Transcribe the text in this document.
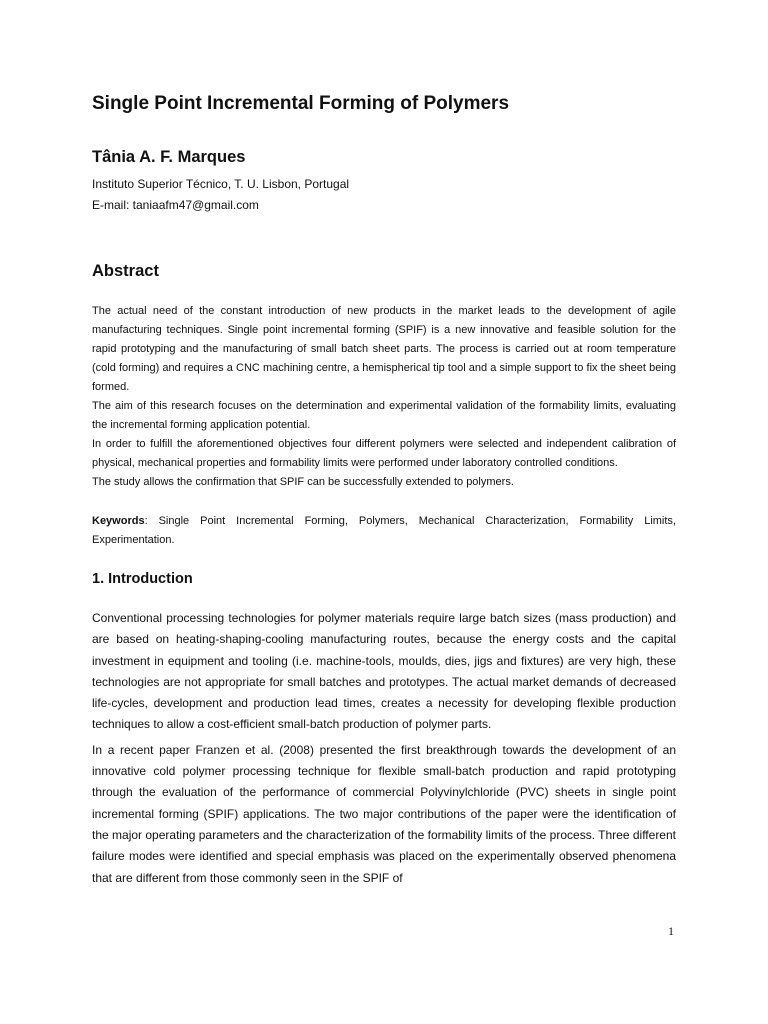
Single Point Incremental Forming of Polymers
Tânia A. F. Marques
Instituto Superior Técnico, T. U. Lisbon, Portugal
E-mail: taniaafm47@gmail.com
Abstract

The actual need of the constant introduction of new products in the market leads to the development of agile manufacturing techniques. Single point incremental forming (SPIF) is a new innovative and feasible solution for the rapid prototyping and the manufacturing of small batch sheet parts. The process is carried out at room temperature (cold forming) and requires a CNC machining centre, a hemispherical tip tool and a simple support to fix the sheet being formed.

The aim of this research focuses on the determination and experimental validation of the formability limits, evaluating the incremental forming application potential.

In order to fulfill the aforementioned objectives four different polymers were selected and independent calibration of physical, mechanical properties and formability limits were performed under laboratory controlled conditions.

The study allows the confirmation that SPIF can be successfully extended to polymers.

Keywords: Single Point Incremental Forming, Polymers, Mechanical Characterization, Formability Limits, Experimentation.
1. Introduction

Conventional processing technologies for polymer materials require large batch sizes (mass production) and are based on heating-shaping-cooling manufacturing routes, because the energy costs and the capital investment in equipment and tooling (i.e. machine-tools, moulds, dies, jigs and fixtures) are very high, these technologies are not appropriate for small batches and prototypes. The actual market demands of decreased life-cycles, development and production lead times, creates a necessity for developing flexible production techniques to allow a cost-efficient small-batch production of polymer parts.

In a recent paper Franzen et al. (2008) presented the first breakthrough towards the development of an innovative cold polymer processing technique for flexible small-batch production and rapid prototyping through the evaluation of the performance of commercial Polyvinylchloride (PVC) sheets in single point incremental forming (SPIF) applications. The two major contributions of the paper were the identification of the major operating parameters and the characterization of the formability limits of the process. Three different failure modes were identified and special emphasis was placed on the experimentally observed phenomena that are different from those commonly seen in the SPIF of

1
